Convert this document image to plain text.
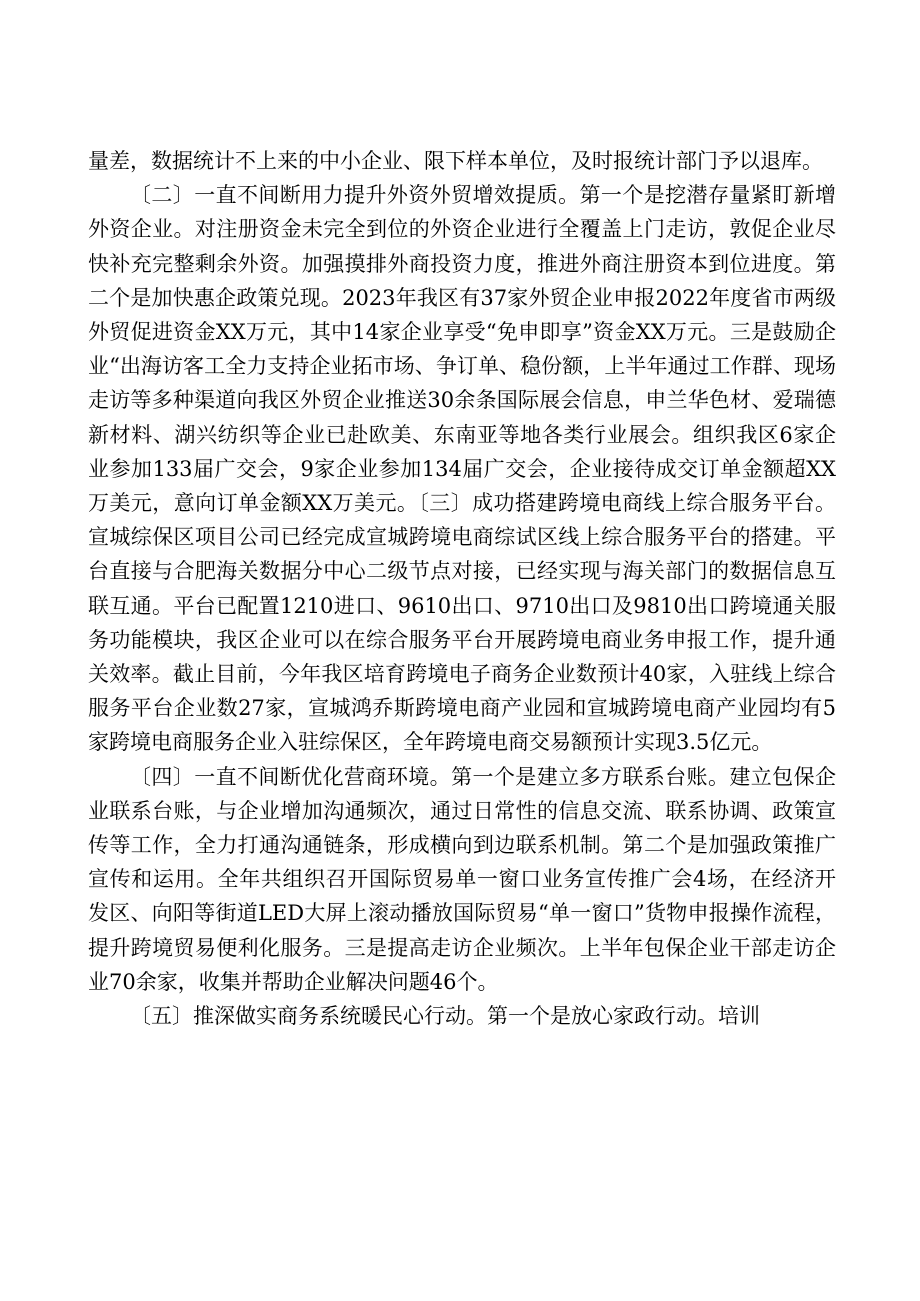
量差，数据统计不上来的中小企业、限下样本单位，及时报统计部门予以退库。

〔二〕一直不间断用力提升外资外贸增效提质。第一个是挖潜存量紧盯新增外资企业。对注册资金未完全到位的外资企业进行全覆盖上门走访，敦促企业尽快补充完整剩余外资。加强摸排外商投资力度，推进外商注册资本到位进度。第二个是加快惠企政策兑现。2023年我区有37家外贸企业申报2022年度省市两级外贸促进资金XX万元，其中14家企业享受“免申即享”资金XX万元。三是鼓励企业“出海访客工全力支持企业拓市场、争订单、稳份额，上半年通过工作群、现场走访等多种渠道向我区外贸企业推送30余条国际展会信息，申兰华色材、爱瑞德新材料、湖兴纺织等企业已赴欧美、东南亚等地各类行业展会。组织我区6家企业参加133届广交会，9家企业参加134届广交会，企业接待成交订单金额超XX万美元，意向订单金额XX万美元。〔三〕成功搭建跨境电商线上综合服务平台。宣城综保区项目公司已经完成宣城跨境电商综试区线上综合服务平台的搭建。平台直接与合肥海关数据分中心二级节点对接，已经实现与海关部门的数据信息互联互通。平台已配置1210进口、9610出口、9710出口及9810出口跨境通关服务功能模块，我区企业可以在综合服务平台开展跨境电商业务申报工作，提升通关效率。截止目前，今年我区培育跨境电子商务企业数预计40家，入驻线上综合服务平台企业数27家，宣城鸿乔斯跨境电商产业园和宣城跨境电商产业园均有5家跨境电商服务企业入驻综保区，全年跨境电商交易额预计实现3.5亿元。

〔四〕一直不间断优化营商环境。第一个是建立多方联系台账。建立包保企业联系台账，与企业增加沟通频次，通过日常性的信息交流、联系协调、政策宣传等工作，全力打通沟通链条，形成横向到边联系机制。第二个是加强政策推广宣传和运用。全年共组织召开国际贸易单一窗口业务宣传推广会4场，在经济开发区、向阳等街道LED大屏上滚动播放国际贸易“单一窗口”货物申报操作流程，提升跨境贸易便利化服务。三是提高走访企业频次。上半年包保企业干部走访企业70余家，收集并帮助企业解决问题46个。

〔五〕推深做实商务系统暖民心行动。第一个是放心家政行动。培训
